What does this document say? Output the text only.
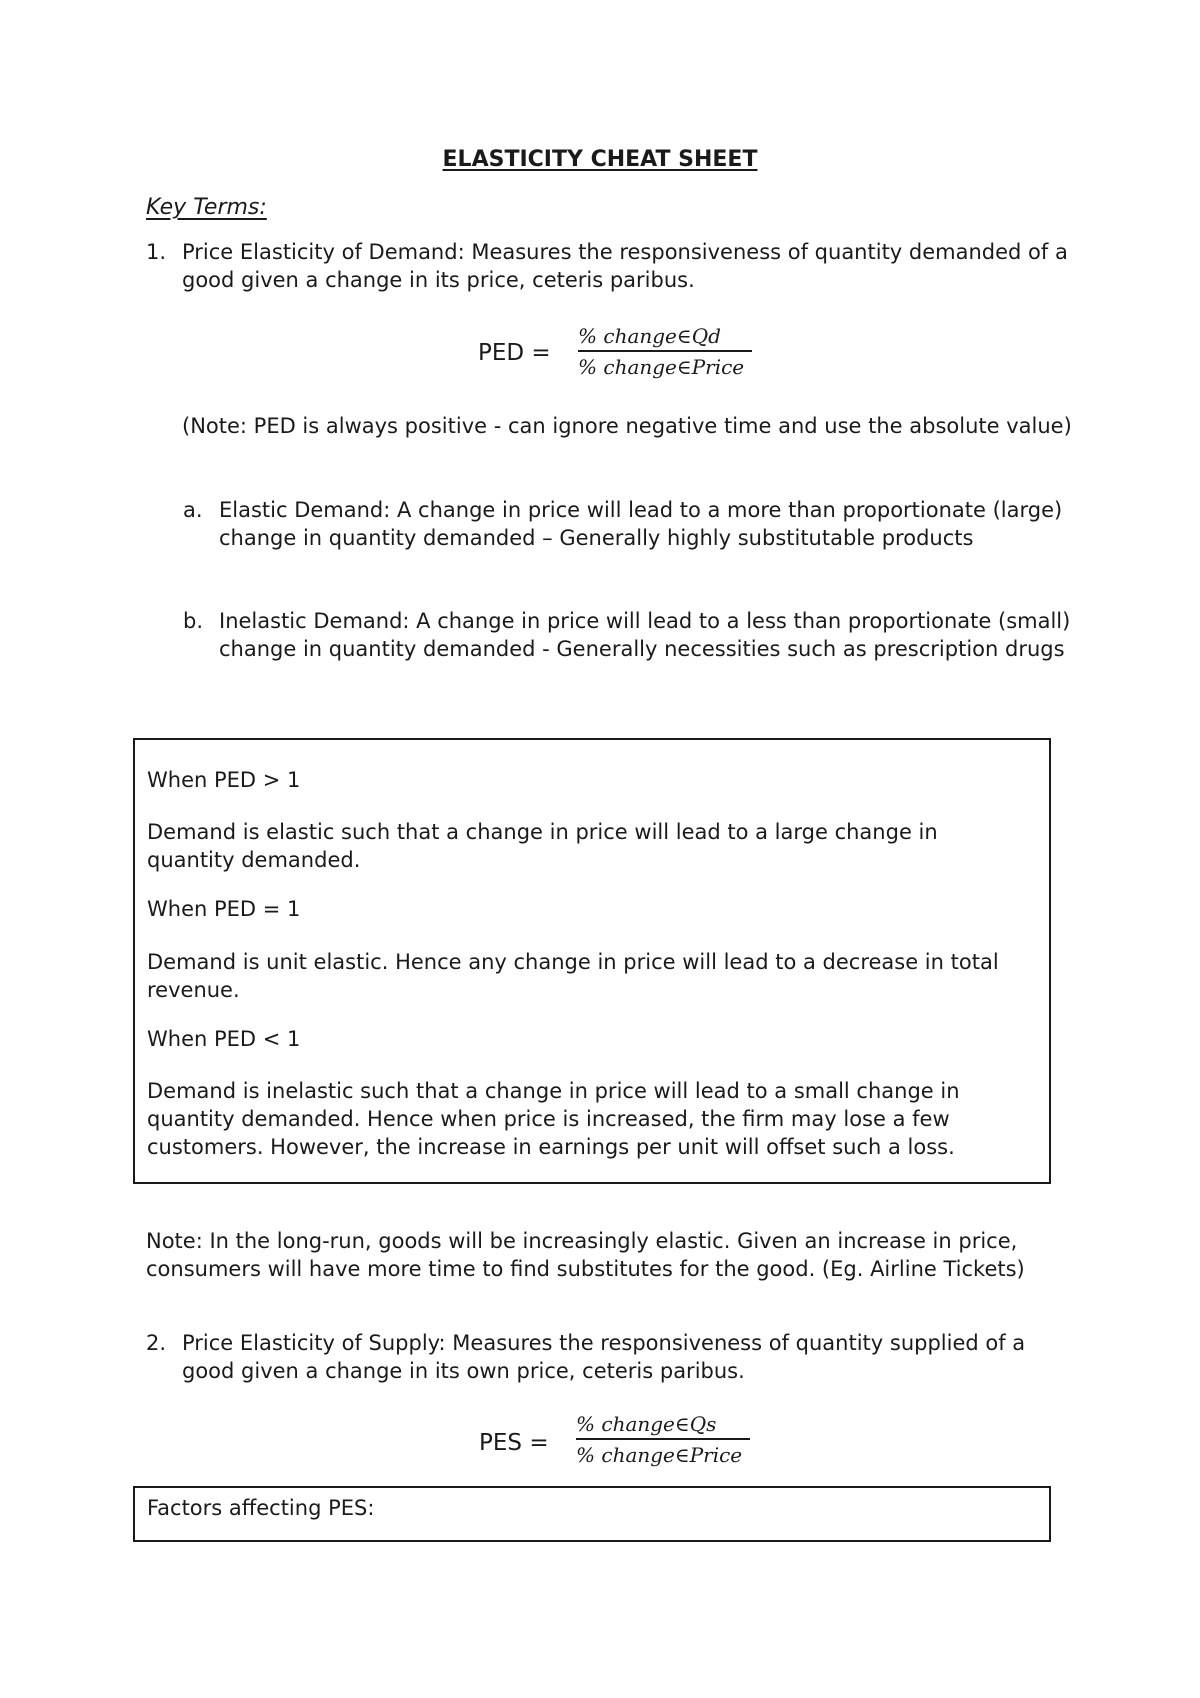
ELASTICITY CHEAT SHEET
Key Terms:
1. Price Elasticity of Demand: Measures the responsiveness of quantity demanded of a good given a change in its price, ceteris paribus.

PED =
% change∈Qd
% change∈Price

(Note: PED is always positive - can ignore negative time and use the absolute value)

a. Elastic Demand: A change in price will lead to a more than proportionate (large) change in quantity demanded – Generally highly substitutable products

b. Inelastic Demand: A change in price will lead to a less than proportionate (small) change in quantity demanded - Generally necessities such as prescription drugs

When PED > 1

Demand is elastic such that a change in price will lead to a large change in quantity demanded.

When PED = 1

Demand is unit elastic. Hence any change in price will lead to a decrease in total revenue.

When PED < 1

Demand is inelastic such that a change in price will lead to a small change in quantity demanded. Hence when price is increased, the firm may lose a few customers. However, the increase in earnings per unit will offset such a loss.

Note: In the long-run, goods will be increasingly elastic. Given an increase in price, consumers will have more time to find substitutes for the good. (Eg. Airline Tickets)

2. Price Elasticity of Supply: Measures the responsiveness of quantity supplied of a good given a change in its own price, ceteris paribus.

PES =
% change∈Qs
% change∈Price

Factors affecting PES:
